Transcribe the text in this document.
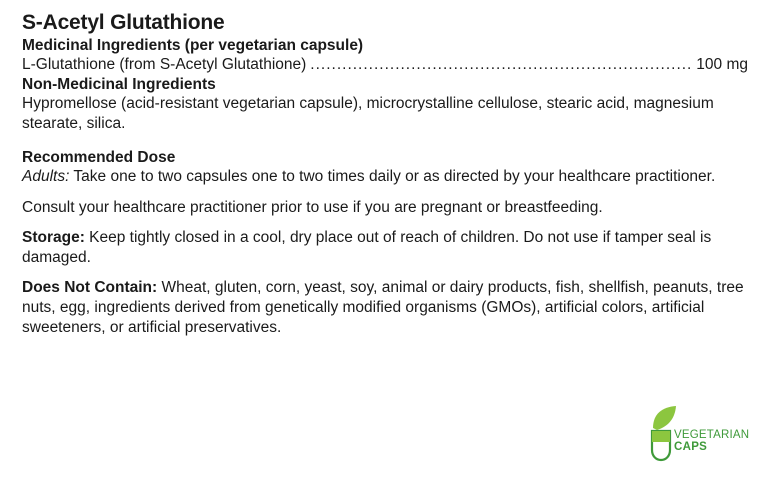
S-Acetyl Glutathione

Medicinal Ingredients (per vegetarian capsule)

L-Glutathione (from S-Acetyl Glutathione)
.....	100 mg

Non-Medicinal Ingredients

Hypromellose (acid-resistant vegetarian capsule), microcrystalline cellulose, stearic acid, magnesium stearate, silica.

Recommended Dose

Adults: Take one to two capsules one to two times daily or as directed by your healthcare practitioner.

Consult your healthcare practitioner prior to use if you are pregnant or breastfeeding.

Storage: Keep tightly closed in a cool, dry place out of reach of children. Do not use if tamper seal is damaged.

Does Not Contain: Wheat, gluten, corn, yeast, soy, animal or dairy products, fish, shellfish, peanuts, tree nuts, egg, ingredients derived from genetically modified organisms (GMOs), artificial colors, artificial sweeteners, or artificial preservatives.

VEGETARIAN
CAPS
